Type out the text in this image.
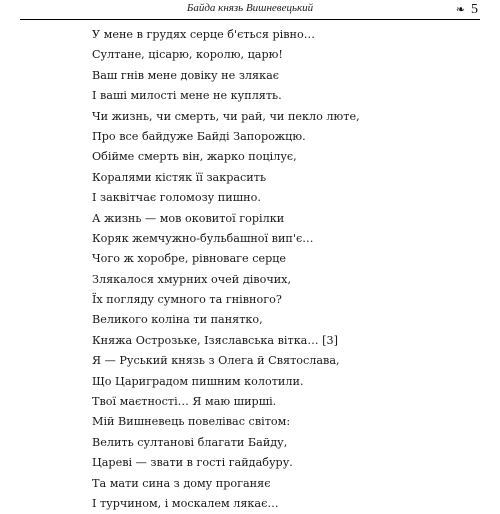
Байда князь Вишневецький	❧ 5
У мене в грудях серце б'ється рівно…
Султане, цісарю, королю, царю!
Ваш гнів мене довіку не злякає
І ваші милості мене не куплять.
Чи жизнь, чи смерть, чи рай, чи пекло люте,
Про все байдуже Байді Запорожцю.
Обійме смерть він, жарко поцілує,
Коралями кістяк її закрасить
І заквітчає голомозу пишно.
А жизнь — мов оковитої горілки
Коряк жемчужно-бульбашної вип'є…
Чого ж хоробре, рівноваге серце
Злякалося хмурних очей дівочих,
Їх погляду сумного та гнівного?
Великого коліна ти панятко,
Княжа Острозьке, Ізяславська вітка… [3]
Я — Руський князь з Олега й Святослава,
Що Цариградом пишним колотили.
Твої маєтності… Я маю ширші.
Мій Вишневець повелівас світом:
Велить султанові благати Байду,
Цареві — звати в гості гайдабуру.
Та мати сина з дому проганяє
І турчином, і москалем лякає…
